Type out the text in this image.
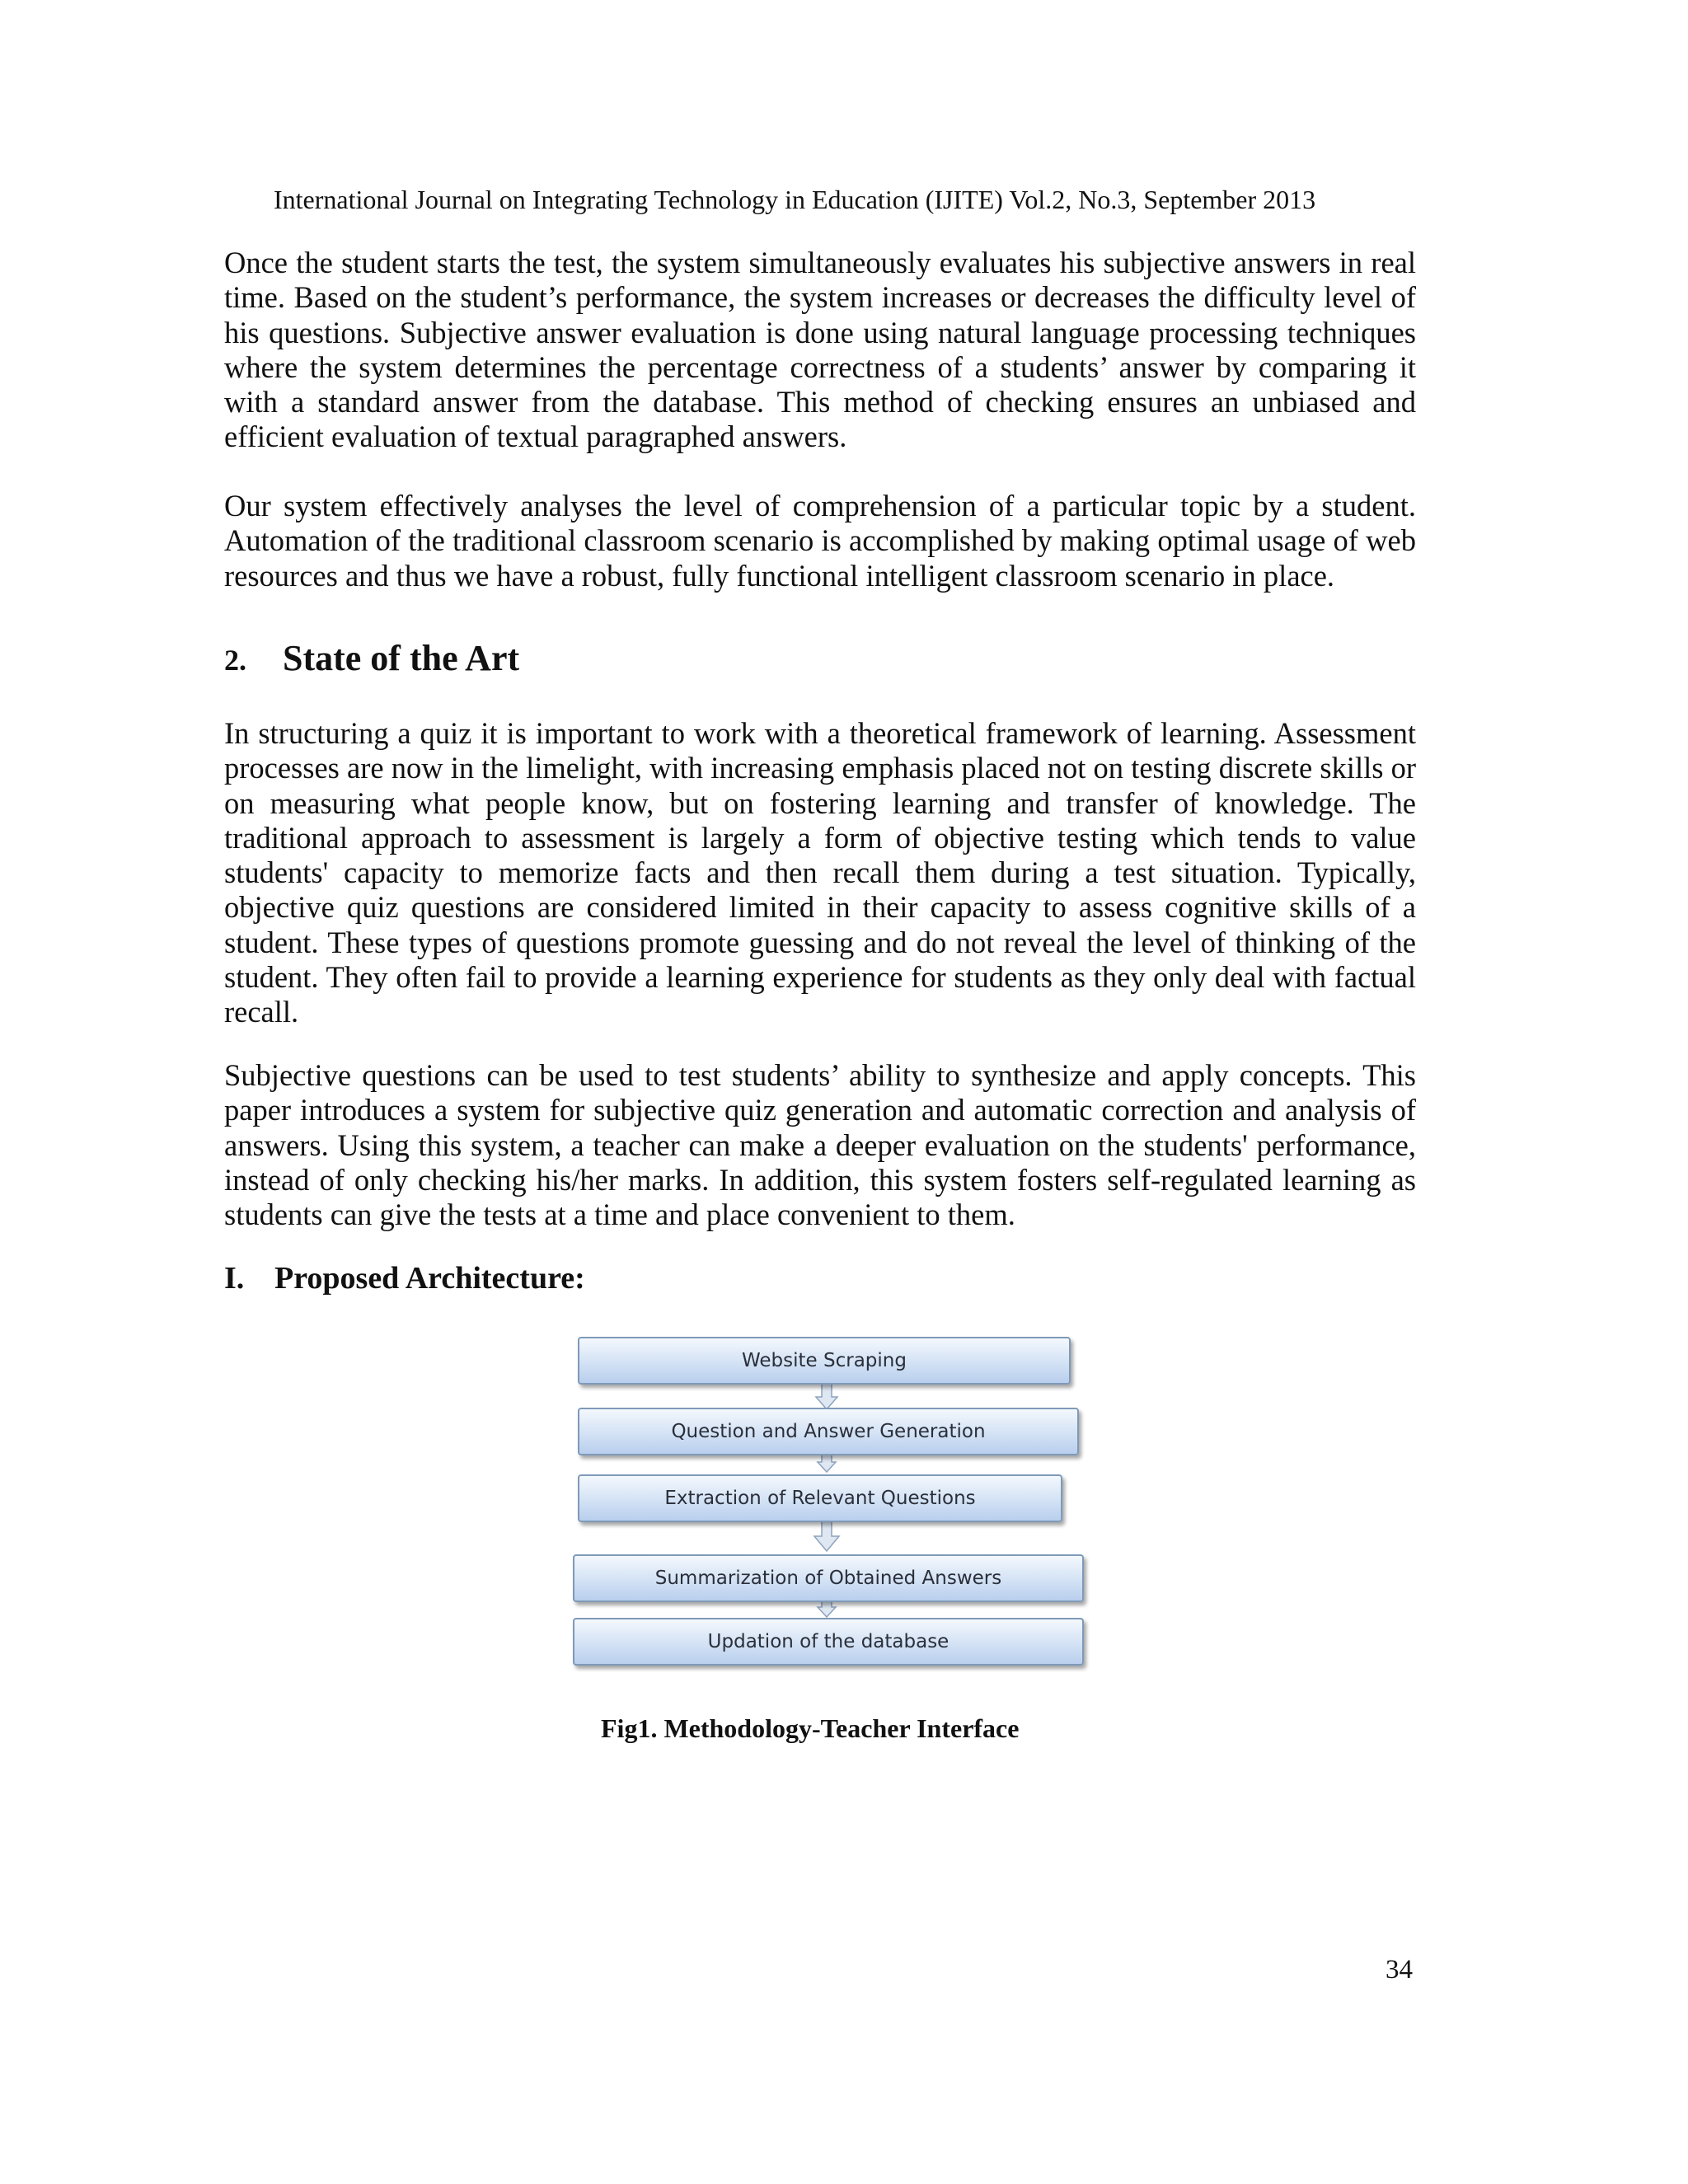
International Journal on Integrating Technology in Education (IJITE) Vol.2, No.3, September 2013

Once the student starts the test, the system simultaneously evaluates his subjective answers in real time. Based on the student’s performance, the system increases or decreases the difficulty level of his questions. Subjective answer evaluation is done using natural language processing techniques where the system determines the percentage correctness of a students’ answer by comparing it with a standard answer from the database. This method of checking ensures an unbiased and efficient evaluation of textual paragraphed answers.

Our system effectively analyses the level of comprehension of a particular topic by a student. Automation of the traditional classroom scenario is accomplished by making optimal usage of web resources and thus we have a robust, fully functional intelligent classroom scenario in place.

2. State of the Art

In structuring a quiz it is important to work with a theoretical framework of learning. Assessment processes are now in the limelight, with increasing emphasis placed not on testing discrete skills or on measuring what people know, but on fostering learning and transfer of knowledge. The traditional approach to assessment is largely a form of objective testing which tends to value students' capacity to memorize facts and then recall them during a test situation. Typically, objective quiz questions are considered limited in their capacity to assess cognitive skills of a student. These types of questions promote guessing and do not reveal the level of thinking of the student. They often fail to provide a learning experience for students as they only deal with factual recall.

Subjective questions can be used to test students’ ability to synthesize and apply concepts. This paper introduces a system for subjective quiz generation and automatic correction and analysis of answers. Using this system, a teacher can make a deeper evaluation on the students' performance, instead of only checking his/her marks. In addition, this system fosters self-regulated learning as students can give the tests at a time and place convenient to them.

I. Proposed Architecture:
Website Scraping
Question and Answer Generation
Extraction of Relevant Questions
Summarization of Obtained Answers
Updation of the database
Fig1. Methodology-Teacher Interface
34
